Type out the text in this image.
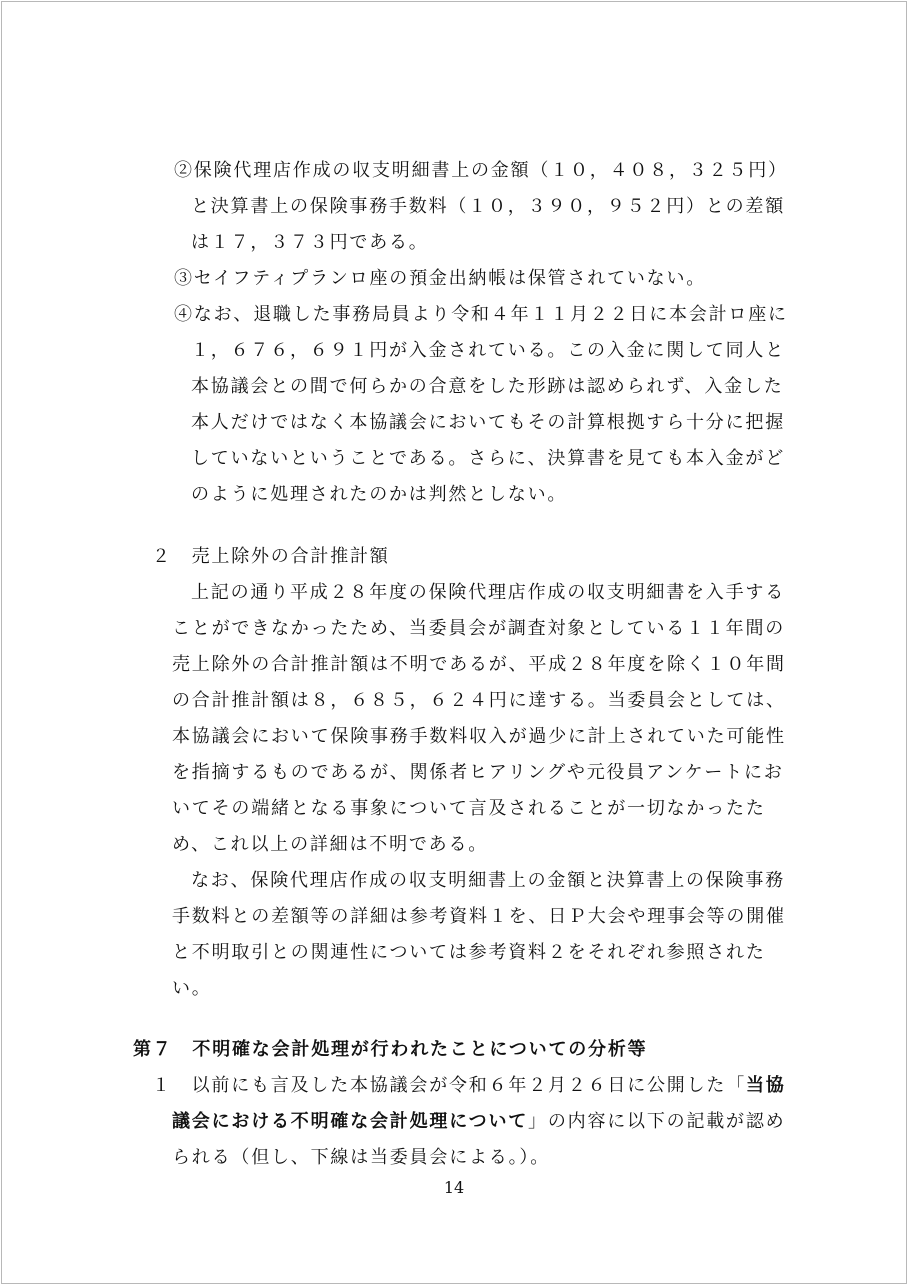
②保険代理店作成の収支明細書上の金額（１０，４０８，３２５円）
と決算書上の保険事務手数料（１０，３９０，９５２円）との差額
は１７，３７３円である。
③セイフティプランロ座の預金出納帳は保管されていない。
④なお、退職した事務局員より令和４年１１月２２日に本会計ロ座に
１，６７６，６９１円が入金されている。この入金に関して同人と
本協議会との間で何らかの合意をした形跡は認められず、入金した
本人だけではなく本協議会においてもその計算根拠すら十分に把握
していないということである。さらに、決算書を見ても本入金がど
のように処理されたのかは判然としない。
２　売上除外の合計推計額
上記の通り平成２８年度の保険代理店作成の収支明細書を入手する
ことができなかったため、当委員会が調査対象としている１１年間の
売上除外の合計推計額は不明であるが、平成２８年度を除く１０年間
の合計推計額は８，６８５，６２４円に達する。当委員会としては、
本協議会において保険事務手数料収入が過少に計上されていた可能性
を指摘するものであるが、関係者ヒアリングや元役員アンケートにお
いてその端緒となる事象について言及されることが一切なかったた
め、これ以上の詳細は不明である。
なお、保険代理店作成の収支明細書上の金額と決算書上の保険事務
手数料との差額等の詳細は参考資料１を、日Ｐ大会や理事会等の開催
と不明取引との関連性については参考資料２をそれぞれ参照された
い。
第７　不明確な会計処理が行われたことについての分析等
１　以前にも言及した本協議会が令和６年２月２６日に公開した「当協
議会における不明確な会計処理について」の内容に以下の記載が認め
られる（但し、下線は当委員会による。）。
14
